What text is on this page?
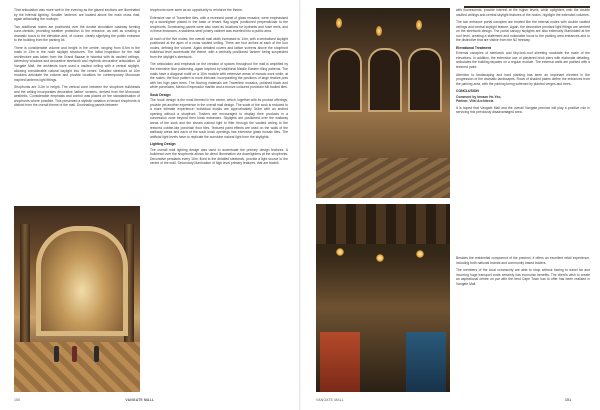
That articulation was more well in the evening as the glazed sections are illuminated by the internal lighting. Smaller 'lanterns' are located above the main cross mall, again articulating the rooftops.

Two additional nodes are positioned over the double circulation roadway forming cone-clerkids, providing weather protection to the entrance, as well as creating a dramatic focus to the elevation and, of course, clearly signifying the public entrance to the building from the parking lot.

There is considerable volume and height in the centre, ranging from 8.5m in the malls to 13m in the node skylight structures. The initial inspiration for the mall architecture was taken from the Grand Bazaar in Istanbul with its vaulted ceilings, clerestory windows and decorative steelwork and rhythmic decorative articulation. At Vangate Mall, the architects have used a vaulted ceiling with a central skylight, allowing considerable natural daylight into the centre. Detailed steelwork at 10m modules articulate the volume and provide locations for contemporary Moroccan inspired lanterns light fittings.

Shopfronts are 3.2m in height. The vertical zone between the shopfront bulkheads and the ceiling incorporates decorative 'lattice' screens, derived from the Moroccan aesthetic. Considerable emphasis and control was placed on the standardisation of shopfronts where possible. This presented a stylistic variation in tenant shopfronts is distinct from the overall theme of the mall. Dominating panels between

shopfronts were seen as an opportunity to reinforce the theme.

Extensive use of Travertine tiles, with a recessed panel of glass mosaics, were emphasised by a downlighter placed in the base of tenant 'flag signs' positioned perpendicular to the shopfronts. Dominating panels were also used as locations for hydrants and hose reels, and in these instances, a stainless steel joinery cabinet was inserted into a public area.

At each of the five nodes, the overall mall width increased to 14m, with a centralised skylight positioned at the apex of a cross vaulted ceiling. There are four arches at each of the four nodes, defining the volume. Again detailed covers and lattice screens above the shopfront bulkhead level accentuate the theme, with a centrally positioned 'lantern' being suspended from the skylight's steelwork.

The articulation and emphasis on the creation of spaces throughout the mall is amplified by the extensive floor patterning, again inspired by traditional Middle Eastern tiling patterns. The malls have a diagonal motif on a 10m module with extensive areas of mosaic work while, at the nodes, the floor pattern is more intricate, incorporating the positions of large feature pots with fan high palm trees. The flooring materials are Travertine mosaics, polished black and white porcelains, Mexico Emperador marble and a bronze coloured porcelain full bodied tiles.

Souk Design

The 'souk' design is the most themed in the centre, which, together with its product offerings, provide yet another experience in the overall mall design. The scale of the souk is reduced to a more intimate experience: individual kiosks are approximately 3x3m with an arched opening without a shopfront. Traders are encouraged to display their products in a concession zone beyond their kiosk entrances. Skylights are positioned over the walkway areas of the souk and the shears natural light to filter through the vaulted ceiling to the textured cobble-like porcelain floor tiles. Textured paint effects are used on the walls of the walkway areas and each of the souk kiosk openings has extensive glass mosaic tiles. The artificial light levels have to replicate the sunshine natural light from the skylights.

Lighting Design

The overall mall lighting design was used to accentuate the primary design features. A bulkhead over the shopfronts allows for direct illumination via downlighters at the shopfronts. Decorative pendants every 10m, fixed to the detailed steelwork, provide a light source to the centre of the mall. Secondary illumination of high level primary features, that are backlit

150	VANGATE MALL

with fluorescents, provide interest at the higher levels, while uplighters onto the double vaulted ceilings and central skylight features of the nodes, highlight the extended volumes.

The two entrance portal canopies are treated like the internal nodes with double vaulted ceilings and central skylight feature. Again, the decorative pendant light fittings are centred on the steelwork design. The portal canopy skylights are also externally illuminated at the roof level, creating a statement and noticeable focus to the parking area entrances and to the distinctive that are visible from the N2 freeway.

Elevational Treatment

External canopies of steelwork and tiby-look-roof sheeting modulate the scale of the elevations. In addition, the extensive use of plastered brick piers with elaborate detailing, articulates the building façades on a regular module. The external walls are painted with a textured paint.

Attention to landscaping and hard planting has been an important element in the progression of the dramatic landscapes. Rows of shaded palms define the entrances from the parking area, with the parking being softened by planted verges and trees.

CONCLUSION
Comment by Imraan He-Yeo,
Partner, Vitel Architects

It is hoped that Vangate Mall and the overall Vangate precinct will play a positive role in servicing this previously disadvantaged area.

Besides the residential component of the precinct, it offers an excellent retail experience, including both national brands and community based traders.

The members of the local community are able to shop without having to travel far and incurring huge transport costs certainly has economic benefits. The client's wish to create an aspirational centre on par with the best Cape Town has to offer has been realised in Vangate Mall.

VANGATE MALL	151
